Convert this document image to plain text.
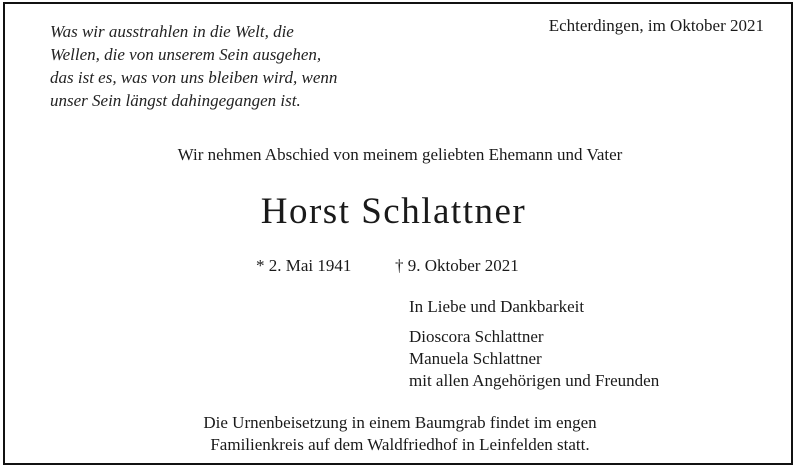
Was wir ausstrahlen in die Welt, die
Wellen, die von unserem Sein ausgehen,
das ist es, was von uns bleiben wird, wenn
unser Sein längst dahingegangen ist.
Echterdingen, im Oktober 2021
Wir nehmen Abschied von meinem geliebten Ehemann und Vater
Horst Schlattner
* 2. Mai 1941	† 9. Oktober 2021
In Liebe und Dankbarkeit
Dioscora Schlattner
Manuela Schlattner
mit allen Angehörigen und Freunden
Die Urnenbeisetzung in einem Baumgrab findet im engen
Familienkreis auf dem Waldfriedhof in Leinfelden statt.
